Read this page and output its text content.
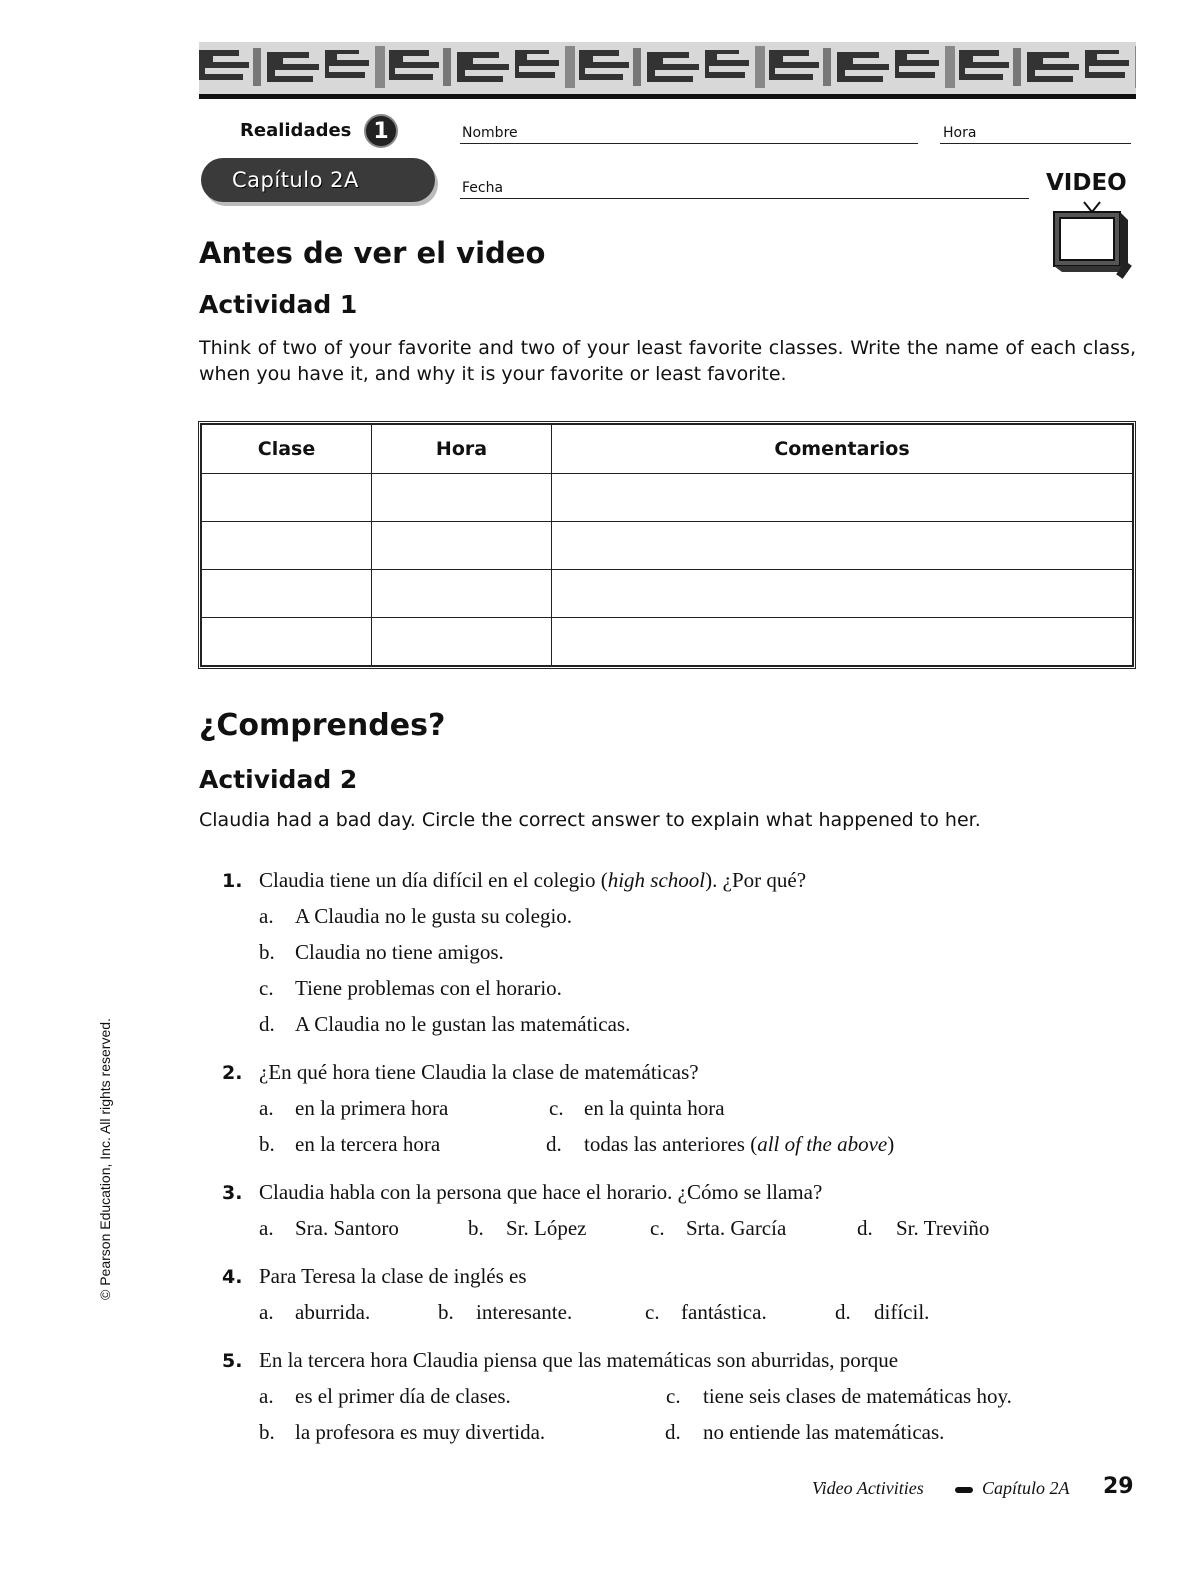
Realidades 1	Nombre	Hora
Fecha
Capítulo 2A	VIDEO
Antes de ver el video
Actividad 1
Think of two of your favorite and two of your least favorite classes. Write the name of each class, when you have it, and why it is your favorite or least favorite.
Clase	Hora	Comentarios

¿Comprendes?
Actividad 2
Claudia had a bad day. Circle the correct answer to explain what happened to her.
1. Claudia tiene un día difícil en el colegio (high school). ¿Por qué?
a. A Claudia no le gusta su colegio.
b. Claudia no tiene amigos.
c. Tiene problemas con el horario.
d. A Claudia no le gustan las matemáticas.
2. ¿En qué hora tiene Claudia la clase de matemáticas?
a. en la primera hora	c. en la quinta hora
b. en la tercera hora	d. todas las anteriores (all of the above)
3. Claudia habla con la persona que hace el horario. ¿Cómo se llama?
a. Sra. Santoro	b. Sr. López	c. Srta. García	d. Sr. Treviño
4. Para Teresa la clase de inglés es
a. aburrida.	b. interesante.	c. fantástica.	d. difícil.
5. En la tercera hora Claudia piensa que las matemáticas son aburridas, porque
a. es el primer día de clases.	c. tiene seis clases de matemáticas hoy.
b. la profesora es muy divertida.	d. no entiende las matemáticas.
© Pearson Education, Inc. All rights reserved.
Video Activities	Capítulo 2A 29
